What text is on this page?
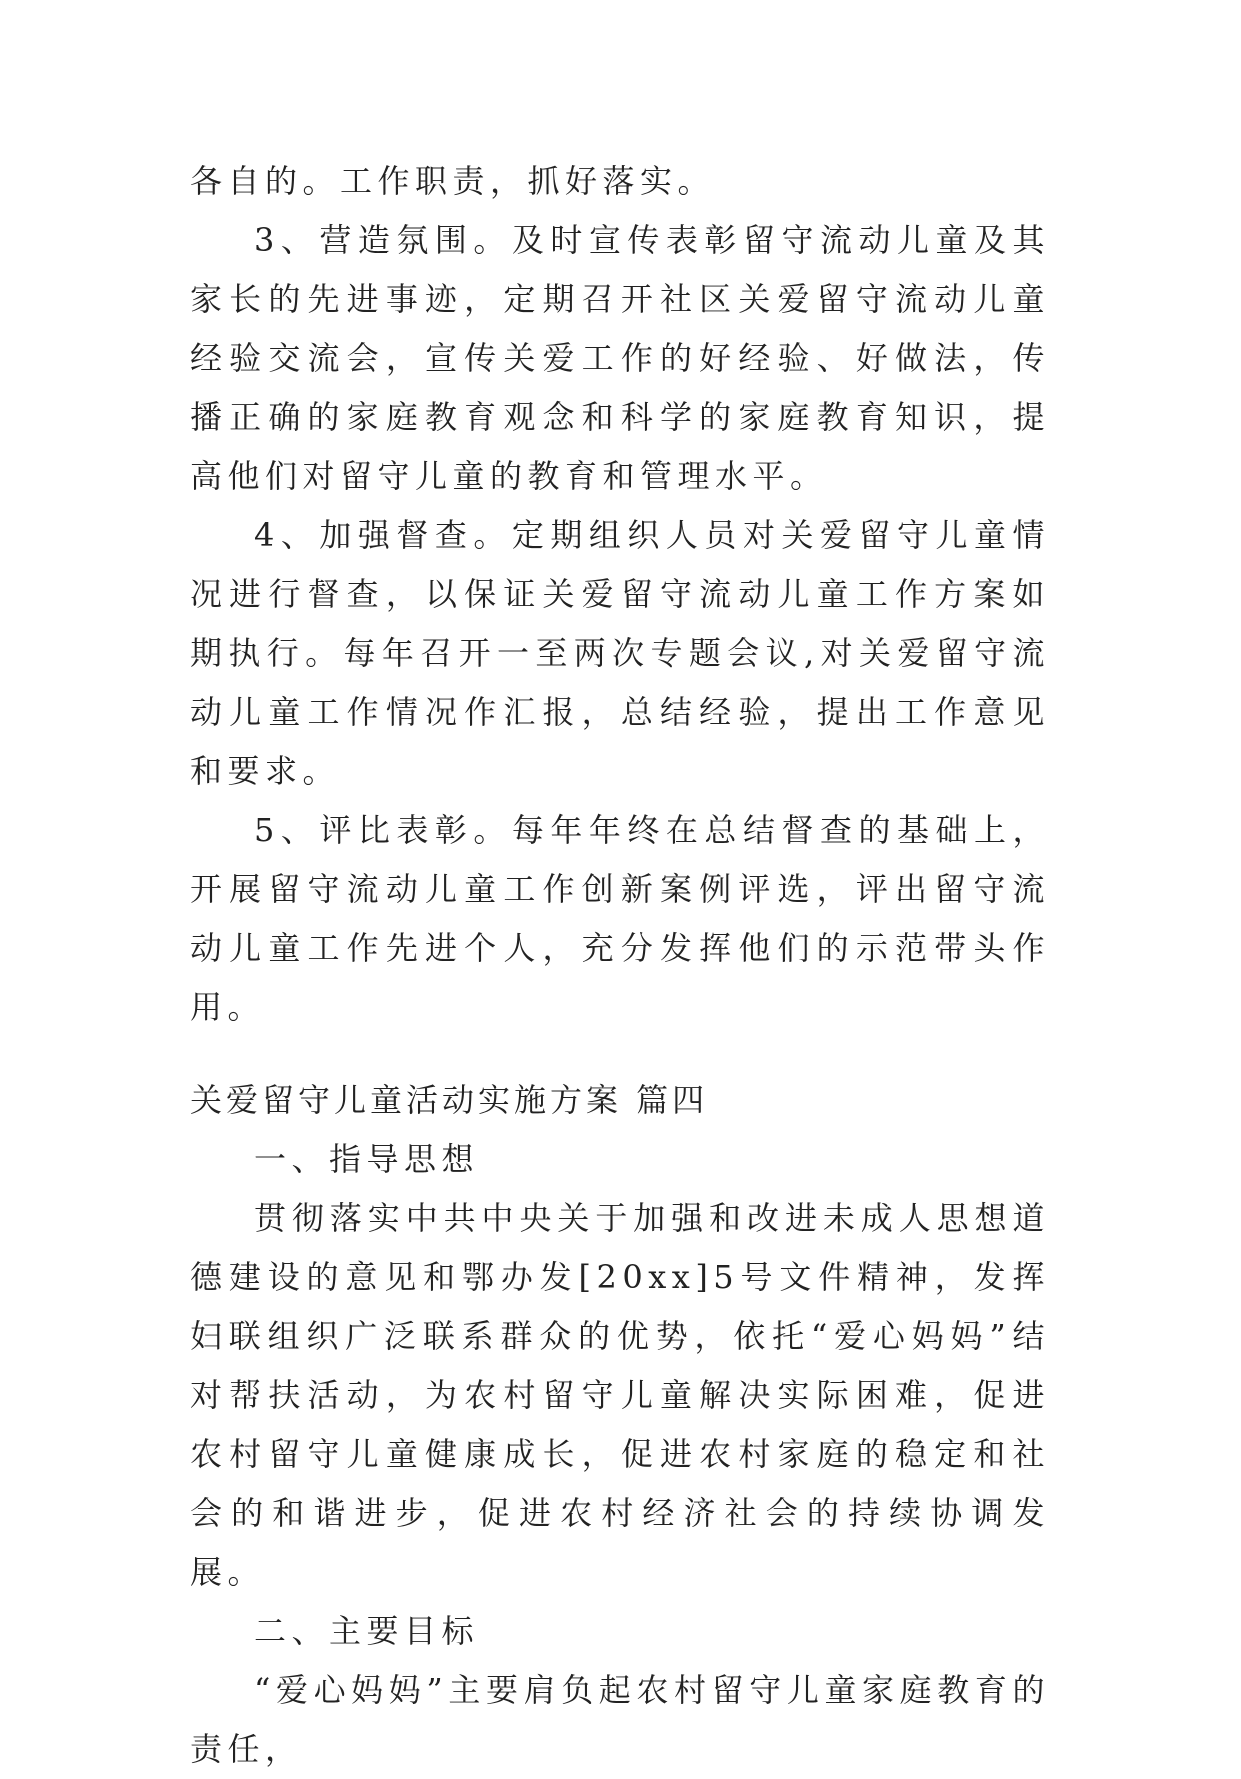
各自的。工作职责，抓好落实。

3、营造氛围。及时宣传表彰留守流动儿童及其家长的先进事迹，定期召开社区关爱留守流动儿童经验交流会，宣传关爱工作的好经验、好做法，传播正确的家庭教育观念和科学的家庭教育知识，提高他们对留守儿童的教育和管理水平。

4、加强督查。定期组织人员对关爱留守儿童情况进行督查，以保证关爱留守流动儿童工作方案如期执行。每年召开一至两次专题会议,对关爱留守流动儿童工作情况作汇报，总结经验，提出工作意见和要求。

5、评比表彰。每年年终在总结督查的基础上，开展留守流动儿童工作创新案例评选，评出留守流动儿童工作先进个人，充分发挥他们的示范带头作用。

关爱留守儿童活动实施方案 篇四

一、指导思想

贯彻落实中共中央关于加强和改进未成人思想道德建设的意见和鄂办发[20xx]5号文件精神，发挥妇联组织广泛联系群众的优势，依托“爱心妈妈”结对帮扶活动，为农村留守儿童解决实际困难，促进农村留守儿童健康成长，促进农村家庭的稳定和社会的和谐进步，促进农村经济社会的持续协调发展。

二、主要目标

“爱心妈妈”主要肩负起农村留守儿童家庭教育的责任，
